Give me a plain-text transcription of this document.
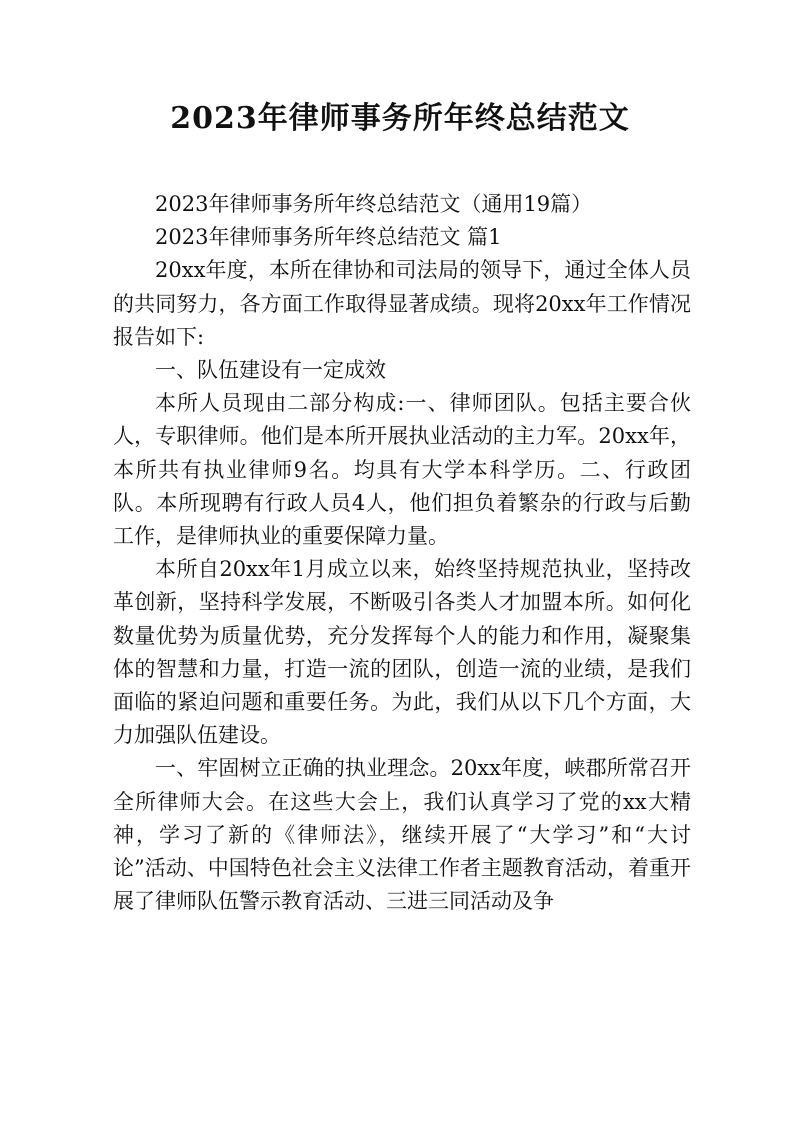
2023年律师事务所年终总结范文

2023年律师事务所年终总结范文（通用19篇）

2023年律师事务所年终总结范文 篇1

20xx年度，本所在律协和司法局的领导下，通过全体人员的共同努力，各方面工作取得显著成绩。现将20xx年工作情况报告如下:

一、队伍建设有一定成效

本所人员现由二部分构成:一、律师团队。包括主要合伙人，专职律师。他们是本所开展执业活动的主力军。20xx年，本所共有执业律师9名。均具有大学本科学历。二、行政团队。本所现聘有行政人员4人，他们担负着繁杂的行政与后勤工作，是律师执业的重要保障力量。

本所自20xx年1月成立以来，始终坚持规范执业，坚持改革创新，坚持科学发展，不断吸引各类人才加盟本所。如何化数量优势为质量优势，充分发挥每个人的能力和作用，凝聚集体的智慧和力量，打造一流的团队，创造一流的业绩，是我们面临的紧迫问题和重要任务。为此，我们从以下几个方面，大力加强队伍建设。

一、牢固树立正确的执业理念。20xx年度，峡郡所常召开全所律师大会。在这些大会上，我们认真学习了党的xx大精神，学习了新的《律师法》，继续开展了“大学习”和“大讨论”活动、中国特色社会主义法律工作者主题教育活动，着重开展了律师队伍警示教育活动、三进三同活动及争
